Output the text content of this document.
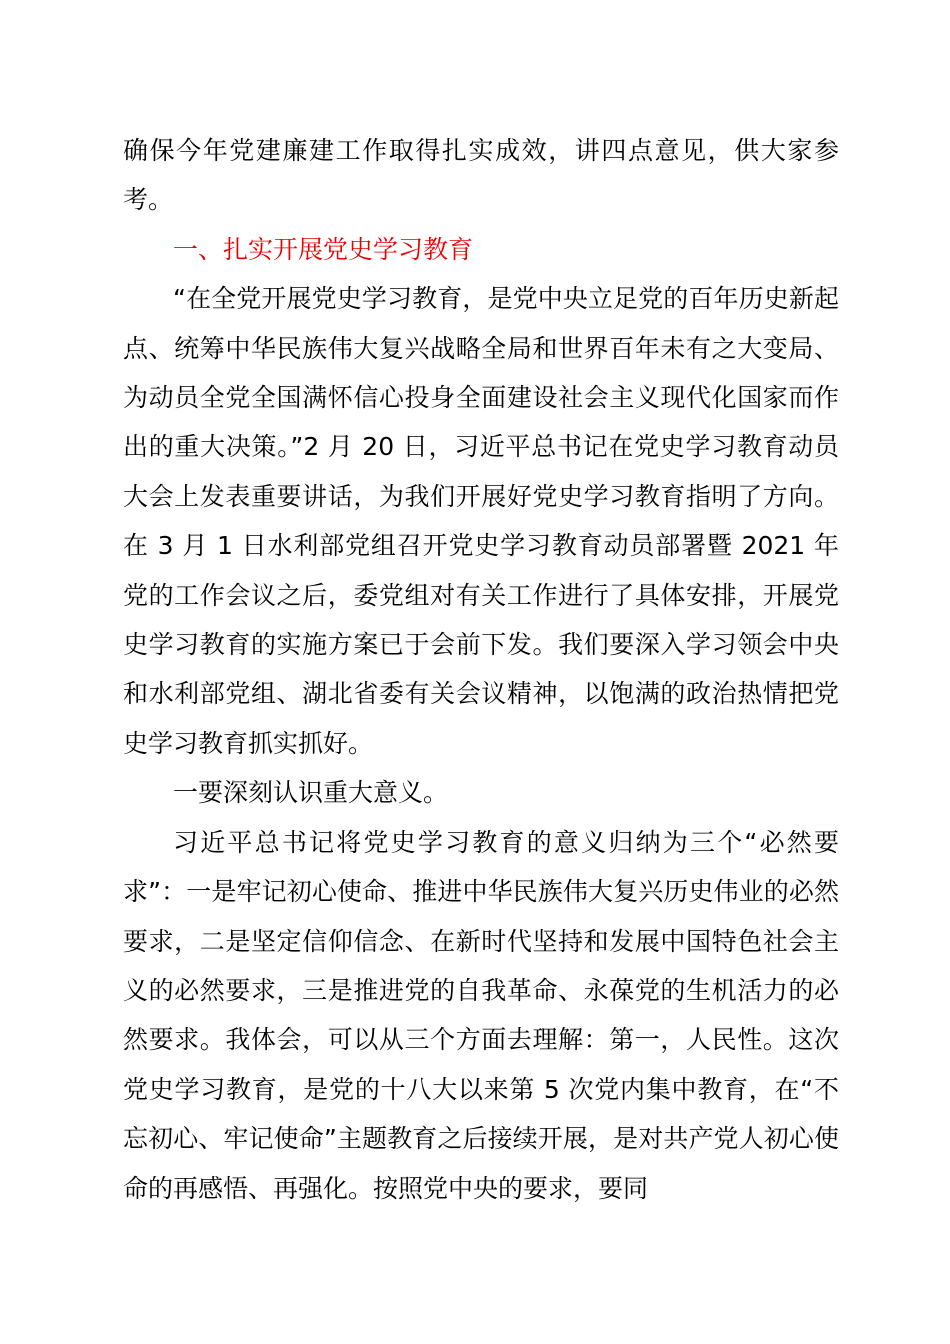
确保今年党建廉建工作取得扎实成效，讲四点意见，供大家参考。

一、扎实开展党史学习教育

“在全党开展党史学习教育，是党中央立足党的百年历史新起点、统筹中华民族伟大复兴战略全局和世界百年未有之大变局、为动员全党全国满怀信心投身全面建设社会主义现代化国家而作出的重大决策。”2 月 20 日，习近平总书记在党史学习教育动员大会上发表重要讲话，为我们开展好党史学习教育指明了方向。在 3 月 1 日水利部党组召开党史学习教育动员部署暨 2021 年党的工作会议之后，委党组对有关工作进行了具体安排，开展党史学习教育的实施方案已于会前下发。我们要深入学习领会中央和水利部党组、湖北省委有关会议精神，以饱满的政治热情把党史学习教育抓实抓好。

一要深刻认识重大意义。

习近平总书记将党史学习教育的意义归纳为三个“必然要求”：一是牢记初心使命、推进中华民族伟大复兴历史伟业的必然要求，二是坚定信仰信念、在新时代坚持和发展中国特色社会主义的必然要求，三是推进党的自我革命、永葆党的生机活力的必然要求。我体会，可以从三个方面去理解：第一，人民性。这次党史学习教育，是党的十八大以来第 5 次党内集中教育，在“不忘初心、牢记使命”主题教育之后接续开展，是对共产党人初心使命的再感悟、再强化。按照党中央的要求，要同
